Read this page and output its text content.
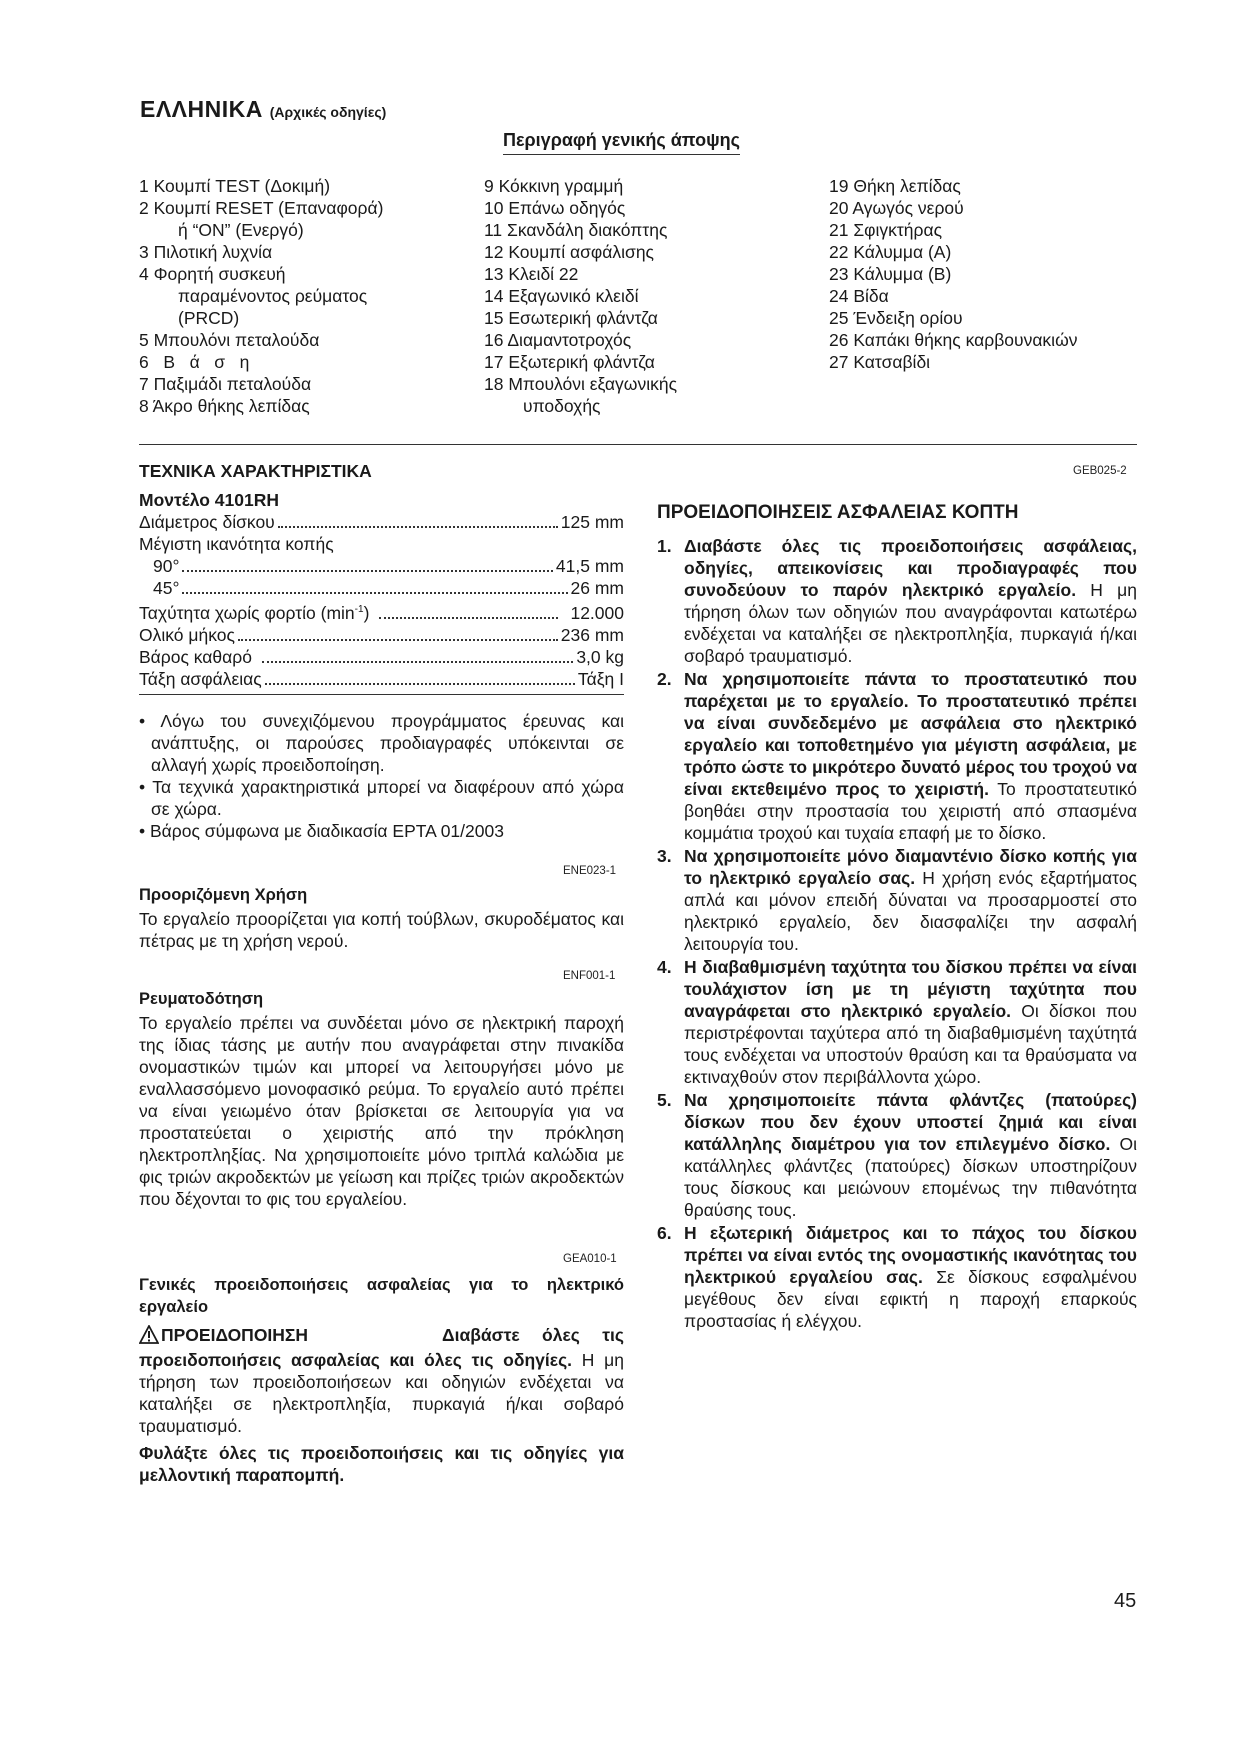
ΕΛΛΗΝΙΚΑ (Αρχικές οδηγίες)
Περιγραφή γενικής άποψης
1 Κουμπί TEST (Δοκιμή)
2 Κουμπί RESET (Επαναφορά)
ή “ON” (Ενεργό)
3 Πιλοτική λυχνία
4 Φορητή συσκευή
παραμένοντος ρεύματος
(PRCD)
5 Μπουλόνι πεταλούδα
6   Β   ά   σ   η
7 Παξιμάδι πεταλούδα
8 Άκρο θήκης λεπίδας
9 Κόκκινη γραμμή
10 Επάνω οδηγός
11 Σκανδάλη διακόπτης
12 Κουμπί ασφάλισης
13 Κλειδί 22
14 Εξαγωνικό κλειδί
15 Εσωτερική φλάντζα
16 Διαμαντοτροχός
17 Εξωτερική φλάντζα
18 Μπουλόνι εξαγωνικής
υποδοχής
19 Θήκη λεπίδας
20 Αγωγός νερού
21 Σφιγκτήρας
22 Κάλυμμα (Α)
23 Κάλυμμα (Β)
24 Βίδα
25 Ένδειξη ορίου
26 Καπάκι θήκης καρβουνακιών
27 Κατσαβίδι
ΤΕΧΝΙΚΑ ΧΑΡΑΚΤΗΡΙΣΤΙΚΑ	GEB025-2
Μοντέλο 4101RH
Διάμετρος δίσκου	125 mm
Μέγιστη ικανότητα κοπής
90°	41,5 mm
45°	26 mm
Ταχύτητα χωρίς φορτίο $(\min^{-1})$	12.000
Ολικό μήκος	236 mm
Βάρος καθαρό	3,0 kg
Τάξη ασφάλειας	Τάξη I
• Λόγω του συνεχιζόμενου προγράμματος έρευνας και ανάπτυξης, οι παρούσες προδιαγραφές υπόκεινται σε αλλαγή χωρίς προειδοποίηση.
• Τα τεχνικά χαρακτηριστικά μπορεί να διαφέρουν από χώρα σε χώρα.
• Βάρος σύμφωνα με διαδικασία EPTA 01/2003
ENE023-1
Προοριζόμενη Χρήση
Το εργαλείο προορίζεται για κοπή τούβλων, σκυροδέματος και πέτρας με τη χρήση νερού.
ENF001-1
Ρευματοδότηση
Το εργαλείο πρέπει να συνδέεται μόνο σε ηλεκτρική παροχή της ίδιας τάσης με αυτήν που αναγράφεται στην πινακίδα ονομαστικών τιμών και μπορεί να λειτουργήσει μόνο με εναλλασσόμενο μονοφασικό ρεύμα. Το εργαλείο αυτό πρέπει να είναι γειωμένο όταν βρίσκεται σε λειτουργία για να προστατεύεται ο χειριστής από την πρόκληση ηλεκτροπληξίας. Να χρησιμοποιείτε μόνο τριπλά καλώδια με φις τριών ακροδεκτών με γείωση και πρίζες τριών ακροδεκτών που δέχονται το φις του εργαλείου.
GEA010-1
Γενικές προειδοποιήσεις ασφαλείας για το ηλεκτρικό εργαλείο
ΠΡΟΕΙΔΟΠΟΙΗΣΗ	Διαβάστε όλες τις προειδοποιήσεις ασφαλείας και όλες τις οδηγίες. Η μη τήρηση των προειδοποιήσεων και οδηγιών ενδέχεται να καταλήξει σε ηλεκτροπληξία, πυρκαγιά ή/και σοβαρό τραυματισμό.
Φυλάξτε όλες τις προειδοποιήσεις και τις οδηγίες για μελλοντική παραπομπή.
ΠΡΟΕΙΔΟΠΟΙΗΣΕΙΣ ΑΣΦΑΛΕΙΑΣ ΚΟΠΤΗ
1. Διαβάστε όλες τις προειδοποιήσεις ασφάλειας, οδηγίες, απεικονίσεις και προδιαγραφές που συνοδεύουν το παρόν ηλεκτρικό εργαλείο. Η μη τήρηση όλων των οδηγιών που αναγράφονται κατωτέρω ενδέχεται να καταλήξει σε ηλεκτροπληξία, πυρκαγιά ή/και σοβαρό τραυματισμό.
2. Να χρησιμοποιείτε πάντα το προστατευτικό που παρέχεται με το εργαλείο. Το προστατευτικό πρέπει να είναι συνδεδεμένο με ασφάλεια στο ηλεκτρικό εργαλείο και τοποθετημένο για μέγιστη ασφάλεια, με τρόπο ώστε το μικρότερο δυνατό μέρος του τροχού να είναι εκτεθειμένο προς το χειριστή. Το προστατευτικό βοηθάει στην προστασία του χειριστή από σπασμένα κομμάτια τροχού και τυχαία επαφή με το δίσκο.
3. Να χρησιμοποιείτε μόνο διαμαντένιο δίσκο κοπής για το ηλεκτρικό εργαλείο σας. Η χρήση ενός εξαρτήματος απλά και μόνον επειδή δύναται να προσαρμοστεί στο ηλεκτρικό εργαλείο, δεν διασφαλίζει την ασφαλή λειτουργία του.
4. Η διαβαθμισμένη ταχύτητα του δίσκου πρέπει να είναι τουλάχιστον ίση με τη μέγιστη ταχύτητα που αναγράφεται στο ηλεκτρικό εργαλείο. Οι δίσκοι που περιστρέφονται ταχύτερα από τη διαβαθμισμένη ταχύτητά τους ενδέχεται να υποστούν θραύση και τα θραύσματα να εκτιναχθούν στον περιβάλλοντα χώρο.
5. Να χρησιμοποιείτε πάντα φλάντζες (πατούρες) δίσκων που δεν έχουν υποστεί ζημιά και είναι κατάλληλης διαμέτρου για τον επιλεγμένο δίσκο. Οι κατάλληλες φλάντζες (πατούρες) δίσκων υποστηρίζουν τους δίσκους και μειώνουν επομένως την πιθανότητα θραύσης τους.
6. Η εξωτερική διάμετρος και το πάχος του δίσκου πρέπει να είναι εντός της ονομαστικής ικανότητας του ηλεκτρικού εργαλείου σας. Σε δίσκους εσφαλμένου μεγέθους δεν είναι εφικτή η παροχή επαρκούς προστασίας ή ελέγχου.
45
